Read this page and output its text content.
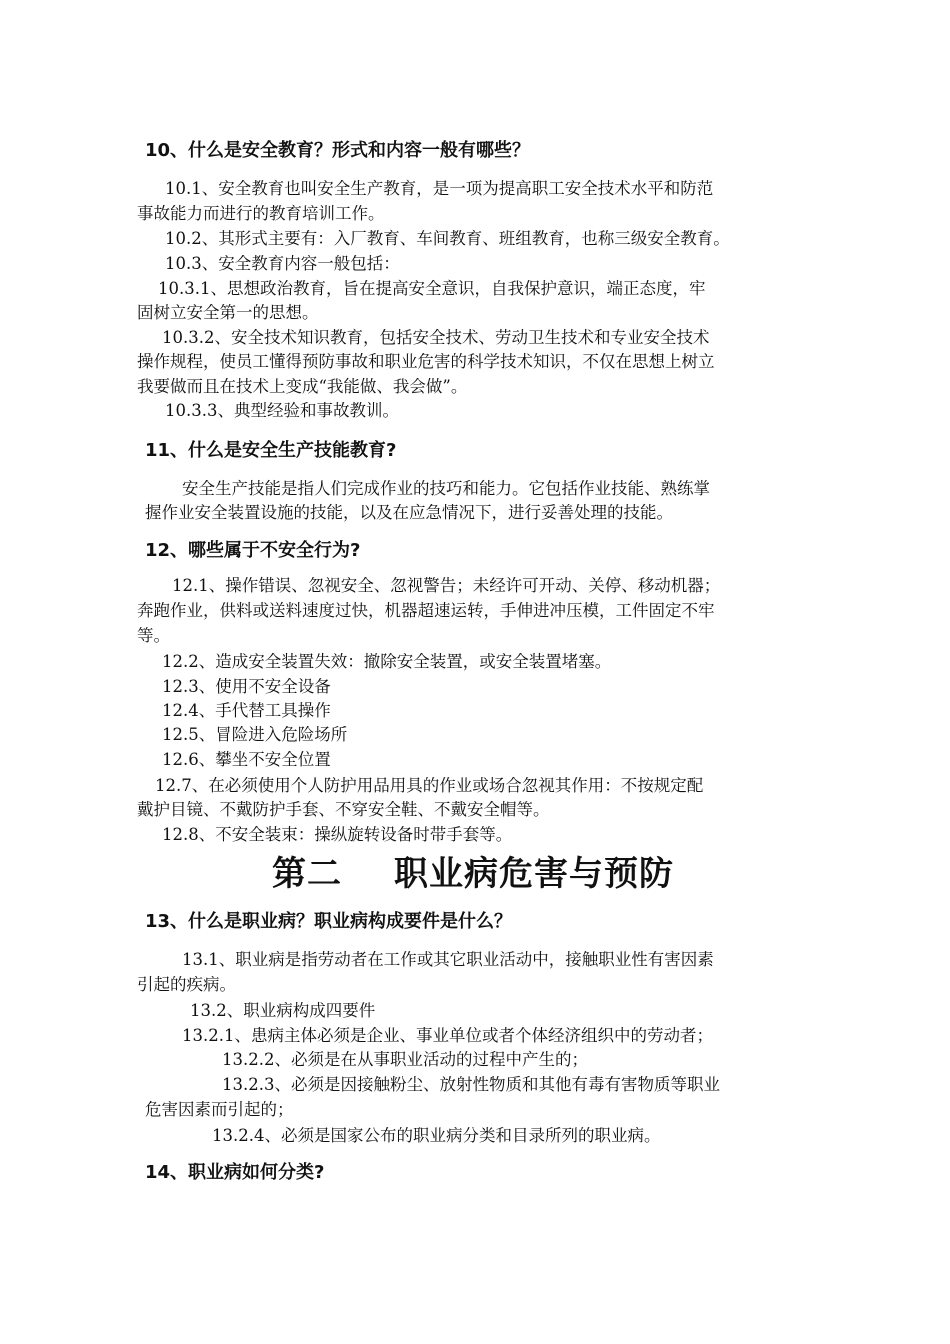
10、什么是安全教育？形式和内容一般有哪些？
10.1、安全教育也叫安全生产教育，是一项为提高职工安全技术水平和防范
事故能力而进行的教育培训工作。
10.2、其形式主要有：入厂教育、车间教育、班组教育，也称三级安全教育。
10.3、安全教育内容一般包括：
10.3.1、思想政治教育，旨在提高安全意识，自我保护意识，端正态度，牢
固树立安全第一的思想。
10.3.2、安全技术知识教育，包括安全技术、劳动卫生技术和专业安全技术
操作规程，使员工懂得预防事故和职业危害的科学技术知识，不仅在思想上树立
我要做而且在技术上变成“我能做、我会做”。
10.3.3、典型经验和事故教训。
11、什么是安全生产技能教育?
安全生产技能是指人们完成作业的技巧和能力。它包括作业技能、熟练掌
握作业安全装置设施的技能，以及在应急情况下，进行妥善处理的技能。
12、哪些属于不安全行为?
12.1、操作错误、忽视安全、忽视警告；未经许可开动、关停、移动机器；
奔跑作业，供料或送料速度过快，机器超速运转，手伸进冲压模，工件固定不牢
等。
12.2、造成安全装置失效：撤除安全装置，或安全装置堵塞。
12.3、使用不安全设备
12.4、手代替工具操作
12.5、冒险进入危险场所
12.6、攀坐不安全位置
12.7、在必须使用个人防护用品用具的作业或场合忽视其作用：不按规定配
戴护目镜、不戴防护手套、不穿安全鞋、不戴安全帽等。
12.8、不安全装束：操纵旋转设备时带手套等。
第二 职业病危害与预防
13、什么是职业病？职业病构成要件是什么？
13.1、职业病是指劳动者在工作或其它职业活动中，接触职业性有害因素
引起的疾病。
13.2、职业病构成四要件
13.2.1、患病主体必须是企业、事业单位或者个体经济组织中的劳动者；
13.2.2、必须是在从事职业活动的过程中产生的；
13.2.3、必须是因接触粉尘、放射性物质和其他有毒有害物质等职业
危害因素而引起的；
13.2.4、必须是国家公布的职业病分类和目录所列的职业病。
14、职业病如何分类?
